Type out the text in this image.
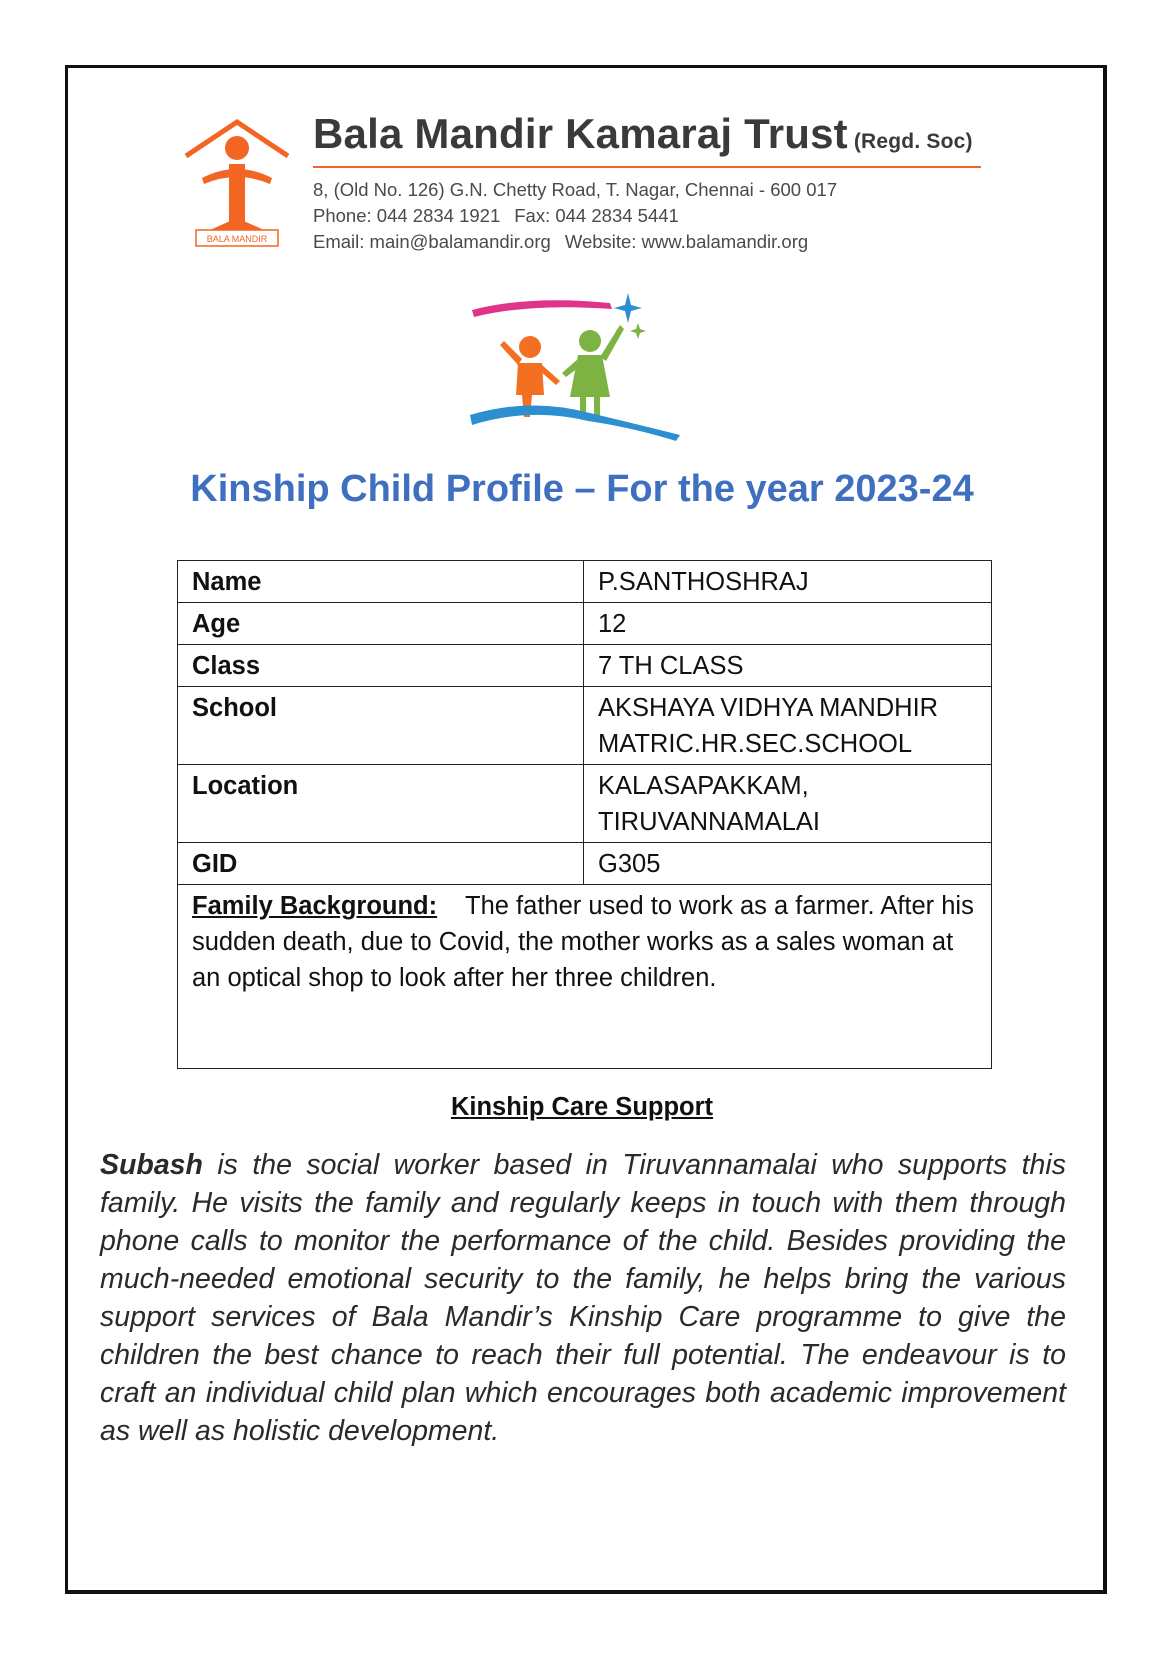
BALA MANDIR
Bala Mandir Kamaraj Trust (Regd. Soc)
8, (Old No. 126) G.N. Chetty Road, T. Nagar, Chennai - 600 017
Phone: 044 2834 1921 Fax: 044 2834 5441
Email: main@balamandir.org Website: www.balamandir.org
Kinship Child Profile – For the year 2023-24
Name	P.SANTHOSHRAJ
Age	12
Class	7 TH CLASS
School	AKSHAYA VIDHYA MANDHIR MATRIC.HR.SEC.SCHOOL
Location	KALASAPAKKAM, TIRUVANNAMALAI
GID	G305
Family Background: The father used to work as a farmer. After his sudden death, due to Covid, the mother works as a sales woman at an optical shop to look after her three children.	
Kinship Care Support
Subash is the social worker based in Tiruvannamalai who supports this family. He visits the family and regularly keeps in touch with them through phone calls to monitor the performance of the child. Besides providing the much-needed emotional security to the family, he helps bring the various support services of Bala Mandir’s Kinship Care programme to give the children the best chance to reach their full potential. The endeavour is to craft an individual child plan which encourages both academic improvement as well as holistic development.
